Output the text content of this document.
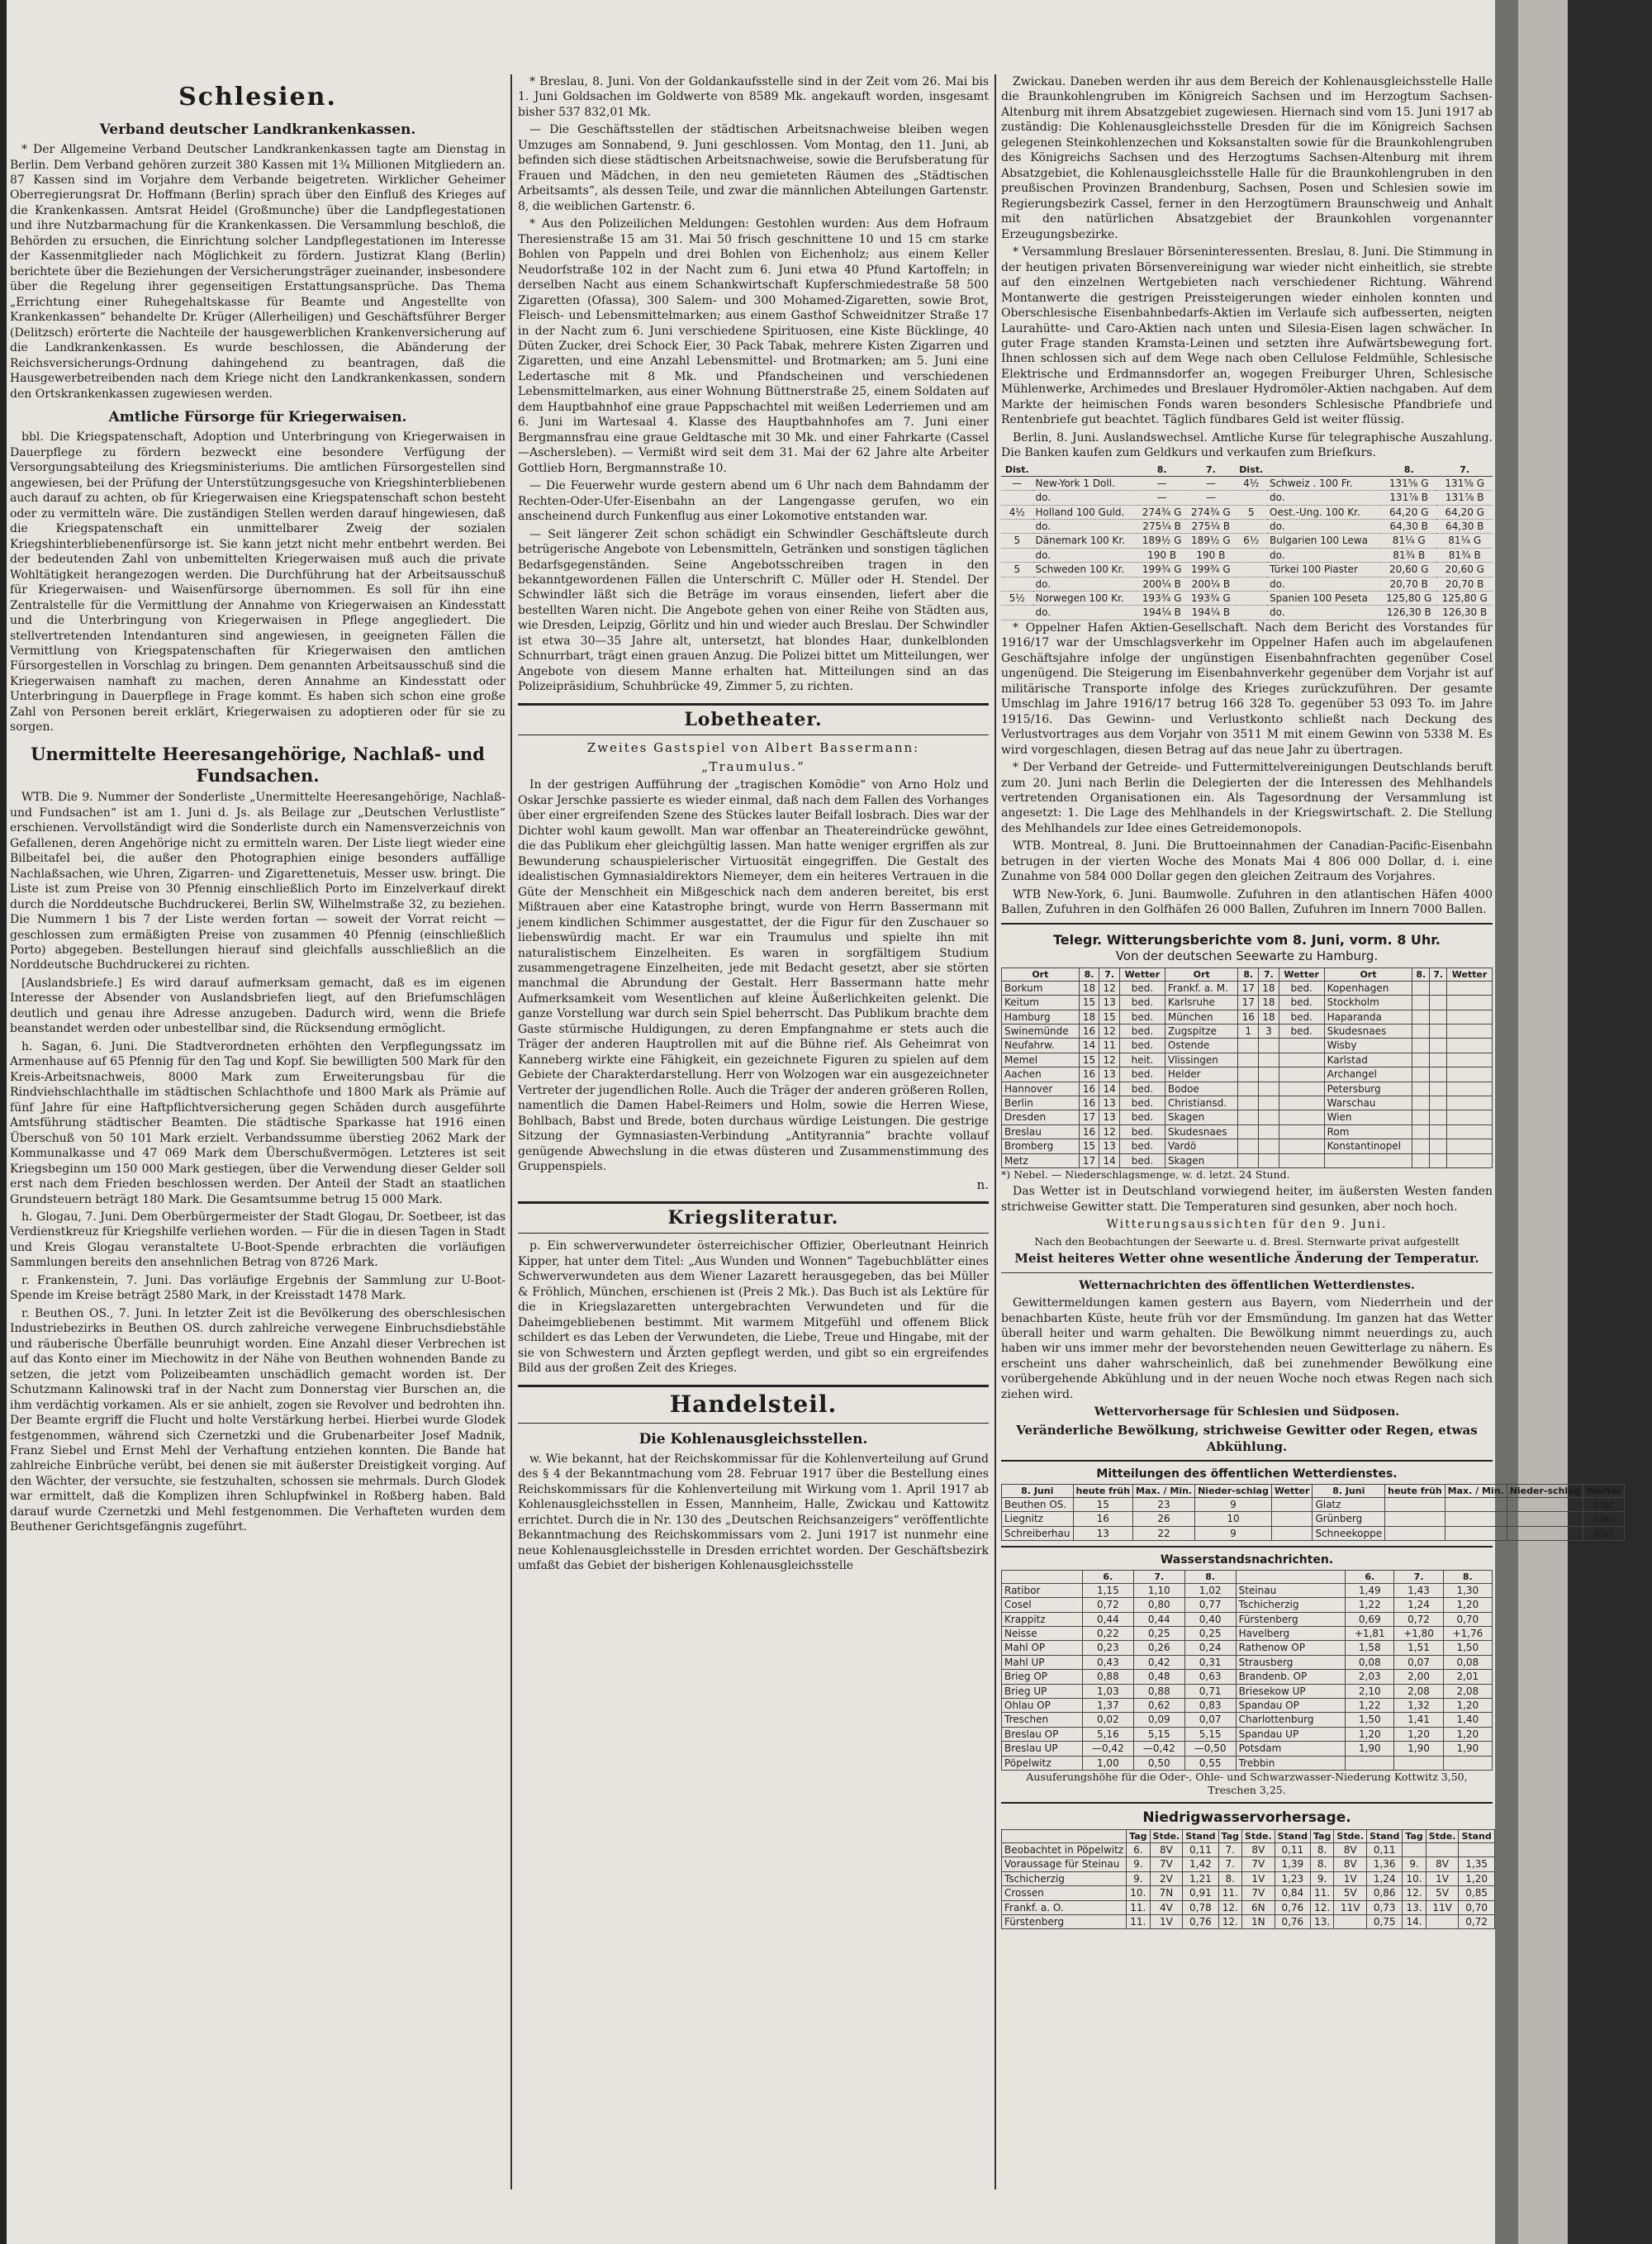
Schlesien.
Verband deutscher Landkrankenkassen.

* Der Allgemeine Verband Deutscher Landkrankenkassen tagte am Dienstag in Berlin. Dem Verband gehören zurzeit 380 Kassen mit 1¾ Millionen Mitgliedern an. 87 Kassen sind im Vorjahre dem Verbande beigetreten. Wirklicher Geheimer Oberregierungsrat Dr. Hoffmann (Berlin) sprach über den Einfluß des Krieges auf die Krankenkassen. Amtsrat Heidel (Großmunche) über die Landpflegestationen und ihre Nutzbarmachung für die Krankenkassen. Die Versammlung beschloß, die Behörden zu ersuchen, die Einrichtung solcher Landpflegestationen im Interesse der Kassenmitglieder nach Möglichkeit zu fördern. Justizrat Klang (Berlin) berichtete über die Beziehungen der Versicherungsträger zueinander, insbesondere über die Regelung ihrer gegenseitigen Erstattungsansprüche. Das Thema „Errichtung einer Ruhegehaltskasse für Beamte und Angestellte von Krankenkassen“ behandelte Dr. Krüger (Allerheiligen) und Geschäftsführer Berger (Delitzsch) erörterte die Nachteile der hausgewerblichen Krankenversicherung auf die Landkrankenkassen. Es wurde beschlossen, die Abänderung der Reichsversicherungs-Ordnung dahingehend zu beantragen, daß die Hausgewerbetreibenden nach dem Kriege nicht den Landkrankenkassen, sondern den Ortskrankenkassen zugewiesen werden.

Amtliche Fürsorge für Kriegerwaisen.

bbl. Die Kriegspatenschaft, Adoption und Unterbringung von Kriegerwaisen in Dauerpflege zu fördern bezweckt eine besondere Verfügung der Versorgungsabteilung des Kriegsministeriums. Die amtlichen Fürsorgestellen sind angewiesen, bei der Prüfung der Unterstützungsgesuche von Kriegshinterbliebenen auch darauf zu achten, ob für Kriegerwaisen eine Kriegspatenschaft schon besteht oder zu vermitteln wäre. Die zuständigen Stellen werden darauf hingewiesen, daß die Kriegspatenschaft ein unmittelbarer Zweig der sozialen Kriegshinterbliebenenfürsorge ist. Sie kann jetzt nicht mehr entbehrt werden. Bei der bedeutenden Zahl von unbemittelten Kriegerwaisen muß auch die private Wohltätigkeit herangezogen werden. Die Durchführung hat der Arbeitsausschuß für Kriegerwaisen- und Waisenfürsorge übernommen. Es soll für ihn eine Zentralstelle für die Vermittlung der Annahme von Kriegerwaisen an Kindesstatt und die Unterbringung von Kriegerwaisen in Pflege angegliedert. Die stellvertretenden Intendanturen sind angewiesen, in geeigneten Fällen die Vermittlung von Kriegspatenschaften für Kriegerwaisen den amtlichen Fürsorgestellen in Vorschlag zu bringen. Dem genannten Arbeitsausschuß sind die Kriegerwaisen namhaft zu machen, deren Annahme an Kindesstatt oder Unterbringung in Dauerpflege in Frage kommt. Es haben sich schon eine große Zahl von Personen bereit erklärt, Kriegerwaisen zu adoptieren oder für sie zu sorgen.

Unermittelte Heeresangehörige, Nachlaß- und Fundsachen.

WTB. Die 9. Nummer der Sonderliste „Unermittelte Heeresangehörige, Nachlaß- und Fundsachen“ ist am 1. Juni d. Js. als Beilage zur „Deutschen Verlustliste“ erschienen. Vervollständigt wird die Sonderliste durch ein Namensverzeichnis von Gefallenen, deren Angehörige nicht zu ermitteln waren. Der Liste liegt wieder eine Bilbeitafel bei, die außer den Photographien einige besonders auffällige Nachlaßsachen, wie Uhren, Zigarren- und Zigarettenetuis, Messer usw. bringt. Die Liste ist zum Preise von 30 Pfennig einschließlich Porto im Einzelverkauf direkt durch die Norddeutsche Buchdruckerei, Berlin SW, Wilhelmstraße 32, zu beziehen. Die Nummern 1 bis 7 der Liste werden fortan — soweit der Vorrat reicht — geschlossen zum ermäßigten Preise von zusammen 40 Pfennig (einschließlich Porto) abgegeben. Bestellungen hierauf sind gleichfalls ausschließlich an die Norddeutsche Buchdruckerei zu richten.

[Auslandsbriefe.] Es wird darauf aufmerksam gemacht, daß es im eigenen Interesse der Absender von Auslandsbriefen liegt, auf den Briefumschlägen deutlich und genau ihre Adresse anzugeben. Dadurch wird, wenn die Briefe beanstandet werden oder unbestellbar sind, die Rücksendung ermöglicht.

h. Sagan, 6. Juni. Die Stadtverordneten erhöhten den Verpflegungssatz im Armenhause auf 65 Pfennig für den Tag und Kopf. Sie bewilligten 500 Mark für den Kreis-Arbeitsnachweis, 8000 Mark zum Erweiterungsbau für die Rindviehschlachthalle im städtischen Schlachthofe und 1800 Mark als Prämie auf fünf Jahre für eine Haftpflichtversicherung gegen Schäden durch ausgeführte Amtsführung städtischer Beamten. Die städtische Sparkasse hat 1916 einen Überschuß von 50 101 Mark erzielt. Verbandssumme überstieg 2062 Mark der Kommunalkasse und 47 069 Mark dem Überschußvermögen. Letzteres ist seit Kriegsbeginn um 150 000 Mark gestiegen, über die Verwendung dieser Gelder soll erst nach dem Frieden beschlossen werden. Der Anteil der Stadt an staatlichen Grundsteuern beträgt 180 Mark. Die Gesamtsumme betrug 15 000 Mark.

h. Glogau, 7. Juni. Dem Oberbürgermeister der Stadt Glogau, Dr. Soetbeer, ist das Verdienstkreuz für Kriegshilfe verliehen worden. — Für die in diesen Tagen in Stadt und Kreis Glogau veranstaltete U-Boot-Spende erbrachten die vorläufigen Sammlungen bereits den ansehnlichen Betrag von 8726 Mark.

r. Frankenstein, 7. Juni. Das vorläufige Ergebnis der Sammlung zur U-Boot-Spende im Kreise beträgt 2580 Mark, in der Kreisstadt 1478 Mark.

r. Beuthen OS., 7. Juni. In letzter Zeit ist die Bevölkerung des oberschlesischen Industriebezirks in Beuthen OS. durch zahlreiche verwegene Einbruchsdiebstähle und räuberische Überfälle beunruhigt worden. Eine Anzahl dieser Verbrechen ist auf das Konto einer im Miechowitz in der Nähe von Beuthen wohnenden Bande zu setzen, die jetzt vom Polizeibeamten unschädlich gemacht worden ist. Der Schutzmann Kalinowski traf in der Nacht zum Donnerstag vier Burschen an, die ihm verdächtig vorkamen. Als er sie anhielt, zogen sie Revolver und bedrohten ihn. Der Beamte ergriff die Flucht und holte Verstärkung herbei. Hierbei wurde Glodek festgenommen, während sich Czernetzki und die Grubenarbeiter Josef Madnik, Franz Siebel und Ernst Mehl der Verhaftung entziehen konnten. Die Bande hat zahlreiche Einbrüche verübt, bei denen sie mit äußerster Dreistigkeit vorging. Auf den Wächter, der versuchte, sie festzuhalten, schossen sie mehrmals. Durch Glodek war ermittelt, daß die Komplizen ihren Schlupfwinkel in Roßberg haben. Bald darauf wurde Czernetzki und Mehl festgenommen. Die Verhafteten wurden dem Beuthener Gerichtsgefängnis zugeführt.

* Breslau, 8. Juni. Von der Goldankaufsstelle sind in der Zeit vom 26. Mai bis 1. Juni Goldsachen im Goldwerte von 8589 Mk. angekauft worden, insgesamt bisher 537 832,01 Mk.

— Die Geschäftsstellen der städtischen Arbeitsnachweise bleiben wegen Umzuges am Sonnabend, 9. Juni geschlossen. Vom Montag, den 11. Juni, ab befinden sich diese städtischen Arbeitsnachweise, sowie die Berufsberatung für Frauen und Mädchen, in den neu gemieteten Räumen des „Städtischen Arbeitsamts“, als dessen Teile, und zwar die männlichen Abteilungen Gartenstr. 8, die weiblichen Gartenstr. 6.

* Aus den Polizeilichen Meldungen: Gestohlen wurden: Aus dem Hofraum Theresienstraße 15 am 31. Mai 50 frisch geschnittene 10 und 15 cm starke Bohlen von Pappeln und drei Bohlen von Eichenholz; aus einem Keller Neudorfstraße 102 in der Nacht zum 6. Juni etwa 40 Pfund Kartoffeln; in derselben Nacht aus einem Schankwirtschaft Kupferschmiedestraße 58 500 Zigaretten (Ofassa), 300 Salem- und 300 Mohamed-Zigaretten, sowie Brot, Fleisch- und Lebensmittelmarken; aus einem Gasthof Schweidnitzer Straße 17 in der Nacht zum 6. Juni verschiedene Spirituosen, eine Kiste Bücklinge, 40 Düten Zucker, drei Schock Eier, 30 Pack Tabak, mehrere Kisten Zigarren und Zigaretten, und eine Anzahl Lebensmittel- und Brotmarken; am 5. Juni eine Ledertasche mit 8 Mk. und Pfandscheinen und verschiedenen Lebensmittelmarken, aus einer Wohnung Büttnerstraße 25, einem Soldaten auf dem Hauptbahnhof eine graue Pappschachtel mit weißen Lederriemen und am 6. Juni im Wartesaal 4. Klasse des Hauptbahnhofes am 7. Juni einer Bergmannsfrau eine graue Geldtasche mit 30 Mk. und einer Fahrkarte (Cassel—Aschersleben). — Vermißt wird seit dem 31. Mai der 62 Jahre alte Arbeiter Gottlieb Horn, Bergmannstraße 10.

— Die Feuerwehr wurde gestern abend um 6 Uhr nach dem Bahndamm der Rechten-Oder-Ufer-Eisenbahn an der Langengasse gerufen, wo ein anscheinend durch Funkenflug aus einer Lokomotive entstanden war.

— Seit längerer Zeit schon schädigt ein Schwindler Geschäftsleute durch betrügerische Angebote von Lebensmitteln, Getränken und sonstigen täglichen Bedarfsgegenständen. Seine Angebotsschreiben tragen in den bekanntgewordenen Fällen die Unterschrift C. Müller oder H. Stendel. Der Schwindler läßt sich die Beträge im voraus einsenden, liefert aber die bestellten Waren nicht. Die Angebote gehen von einer Reihe von Städten aus, wie Dresden, Leipzig, Görlitz und hin und wieder auch Breslau. Der Schwindler ist etwa 30—35 Jahre alt, untersetzt, hat blondes Haar, dunkelblonden Schnurrbart, trägt einen grauen Anzug. Die Polizei bittet um Mitteilungen, wer Angebote von diesem Manne erhalten hat. Mitteilungen sind an das Polizeipräsidium, Schuhbrücke 49, Zimmer 5, zu richten.

Lobetheater.

Zweites Gastspiel von Albert Bassermann:

„Traumulus.“

In der gestrigen Aufführung der „tragischen Komödie“ von Arno Holz und Oskar Jerschke passierte es wieder einmal, daß nach dem Fallen des Vorhanges über einer ergreifenden Szene des Stückes lauter Beifall losbrach. Dies war der Dichter wohl kaum gewollt. Man war offenbar an Theatereindrücke gewöhnt, die das Publikum eher gleichgültig lassen. Man hatte weniger ergriffen als zur Bewunderung schauspielerischer Virtuosität eingegriffen. Die Gestalt des idealistischen Gymnasialdirektors Niemeyer, dem ein heiteres Vertrauen in die Güte der Menschheit ein Mißgeschick nach dem anderen bereitet, bis erst Mißtrauen aber eine Katastrophe bringt, wurde von Herrn Bassermann mit jenem kindlichen Schimmer ausgestattet, der die Figur für den Zuschauer so liebenswürdig macht. Er war ein Traumulus und spielte ihn mit naturalistischem Einzelheiten. Es waren in sorgfältigem Studium zusammengetragene Einzelheiten, jede mit Bedacht gesetzt, aber sie störten manchmal die Abrundung der Gestalt. Herr Bassermann hatte mehr Aufmerksamkeit vom Wesentlichen auf kleine Äußerlichkeiten gelenkt. Die ganze Vorstellung war durch sein Spiel beherrscht. Das Publikum brachte dem Gaste stürmische Huldigungen, zu deren Empfangnahme er stets auch die Träger der anderen Hauptrollen mit auf die Bühne rief. Als Geheimrat von Kanneberg wirkte eine Fähigkeit, ein gezeichnete Figuren zu spielen auf dem Gebiete der Charakterdarstellung. Herr von Wolzogen war ein ausgezeichneter Vertreter der jugendlichen Rolle. Auch die Träger der anderen größeren Rollen, namentlich die Damen Habel-Reimers und Holm, sowie die Herren Wiese, Bohlbach, Babst und Brede, boten durchaus würdige Leistungen. Die gestrige Sitzung der Gymnasiasten-Verbindung „Antityrannia“ brachte vollauf genügende Abwechslung in die etwas düsteren und Zusammenstimmung des Gruppenspiels.

n.

Kriegsliteratur.

p. Ein schwerverwundeter österreichischer Offizier, Oberleutnant Heinrich Kipper, hat unter dem Titel: „Aus Wunden und Wonnen“ Tagebuchblätter eines Schwerverwundeten aus dem Wiener Lazarett herausgegeben, das bei Müller & Fröhlich, München, erschienen ist (Preis 2 Mk.). Das Buch ist als Lektüre für die in Kriegslazaretten untergebrachten Verwundeten und für die Daheimgebliebenen bestimmt. Mit warmem Mitgefühl und offenem Blick schildert es das Leben der Verwundeten, die Liebe, Treue und Hingabe, mit der sie von Schwestern und Ärzten gepflegt werden, und gibt so ein ergreifendes Bild aus der großen Zeit des Krieges.

Handelsteil.
Die Kohlenausgleichsstellen.

w. Wie bekannt, hat der Reichskommissar für die Kohlenverteilung auf Grund des § 4 der Bekanntmachung vom 28. Februar 1917 über die Bestellung eines Reichskommissars für die Kohlenverteilung mit Wirkung vom 1. April 1917 ab Kohlenausgleichsstellen in Essen, Mannheim, Halle, Zwickau und Kattowitz errichtet. Durch die in Nr. 130 des „Deutschen Reichsanzeigers“ veröffentlichte Bekanntmachung des Reichskommissars vom 2. Juni 1917 ist nunmehr eine neue Kohlenausgleichsstelle in Dresden errichtet worden. Der Geschäftsbezirk umfaßt das Gebiet der bisherigen Kohlenausgleichsstelle

Zwickau. Daneben werden ihr aus dem Bereich der Kohlenausgleichsstelle Halle die Braunkohlengruben im Königreich Sachsen und im Herzogtum Sachsen-Altenburg mit ihrem Absatzgebiet zugewiesen. Hiernach sind vom 15. Juni 1917 ab zuständig: Die Kohlenausgleichsstelle Dresden für die im Königreich Sachsen gelegenen Steinkohlenzechen und Koksanstalten sowie für die Braunkohlengruben des Königreichs Sachsen und des Herzogtums Sachsen-Altenburg mit ihrem Absatzgebiet, die Kohlenausgleichsstelle Halle für die Braunkohlengruben in den preußischen Provinzen Brandenburg, Sachsen, Posen und Schlesien sowie im Regierungsbezirk Cassel, ferner in den Herzogtümern Braunschweig und Anhalt mit den natürlichen Absatzgebiet der Braunkohlen vorgenannter Erzeugungsbezirke.

* Versammlung Breslauer Börseninteressenten. Breslau, 8. Juni. Die Stimmung in der heutigen privaten Börsenvereinigung war wieder nicht einheitlich, sie strebte auf den einzelnen Wertgebieten nach verschiedener Richtung. Während Montanwerte die gestrigen Preissteigerungen wieder einholen konnten und Oberschlesische Eisenbahnbedarfs-Aktien im Verlaufe sich aufbesserten, neigten Laurahütte- und Caro-Aktien nach unten und Silesia-Eisen lagen schwächer. In guter Frage standen Kramsta-Leinen und setzten ihre Aufwärtsbewegung fort. Ihnen schlossen sich auf dem Wege nach oben Cellulose Feldmühle, Schlesische Elektrische und Erdmannsdorfer an, wogegen Freiburger Uhren, Schlesische Mühlenwerke, Archimedes und Breslauer Hydromöler-Aktien nachgaben. Auf dem Markte der heimischen Fonds waren besonders Schlesische Pfandbriefe und Rentenbriefe gut beachtet. Täglich fündbares Geld ist weiter flüssig.

Berlin, 8. Juni. Auslandswechsel. Amtliche Kurse für telegraphische Auszahlung. Die Banken kaufen zum Geldkurs und verkaufen zum Briefkurs.

Dist.		8.	7.	Dist.		8.	7.
—	New-York 1 Doll.	—	—	4½	Schweiz . 100 Fr.	131⅝ G	131⅝ G
	do.	—	—		do.	131⅞ B	131⅞ B
4½	Holland 100 Guld.	274¾ G	274¾ G	5	Oest.-Ung. 100 Kr.	64,20 G	64,20 G
	do.	275¼ B	275¼ B		do.	64,30 B	64,30 B
5	Dänemark 100 Kr.	189½ G	189½ G	6½	Bulgarien 100 Lewa	81¼ G	81¼ G
	do.	190 B	190 B		do.	81¾ B	81¾ B
5	Schweden 100 Kr.	199¾ G	199¾ G		Türkei 100 Piaster	20,60 G	20,60 G
	do.	200¼ B	200¼ B		do.	20,70 B	20,70 B
5½	Norwegen 100 Kr.	193¾ G	193¾ G		Spanien 100 Peseta	125,80 G	125,80 G
	do.	194¼ B	194¼ B		do.	126,30 B	126,30 B

* Oppelner Hafen Aktien-Gesellschaft. Nach dem Bericht des Vorstandes für 1916/17 war der Umschlagsverkehr im Oppelner Hafen auch im abgelaufenen Geschäftsjahre infolge der ungünstigen Eisenbahnfrachten gegenüber Cosel ungenügend. Die Steigerung im Eisenbahnverkehr gegenüber dem Vorjahr ist auf militärische Transporte infolge des Krieges zurückzuführen. Der gesamte Umschlag im Jahre 1916/17 betrug 166 328 To. gegenüber 53 093 To. im Jahre 1915/16. Das Gewinn- und Verlustkonto schließt nach Deckung des Verlustvortrages aus dem Vorjahr von 3511 M mit einem Gewinn von 5338 M. Es wird vorgeschlagen, diesen Betrag auf das neue Jahr zu übertragen.

* Der Verband der Getreide- und Futtermittelvereinigungen Deutschlands beruft zum 20. Juni nach Berlin die Delegierten der die Interessen des Mehlhandels vertretenden Organisationen ein. Als Tagesordnung der Versammlung ist angesetzt: 1. Die Lage des Mehlhandels in der Kriegswirtschaft. 2. Die Stellung des Mehlhandels zur Idee eines Getreidemonopols.

WTB. Montreal, 8. Juni. Die Bruttoeinnahmen der Canadian-Pacific-Eisenbahn betrugen in der vierten Woche des Monats Mai 4 806 000 Dollar, d. i. eine Zunahme von 584 000 Dollar gegen den gleichen Zeitraum des Vorjahres.

WTB New-York, 6. Juni. Baumwolle. Zufuhren in den atlantischen Häfen 4000 Ballen, Zufuhren in den Golfhäfen 26 000 Ballen, Zufuhren im Innern 7000 Ballen.

Telegr. Witterungsberichte vom 8. Juni, vorm. 8 Uhr.

Von der deutschen Seewarte zu Hamburg.

Ort	8.	7.	Wetter	Ort	8.	7.	Wetter	Ort	8.	7.	Wetter
Borkum	18	12	bed.	Frankf. a. M.	17	18	bed.	Kopenhagen			
Keitum	15	13	bed.	Karlsruhe	17	18	bed.	Stockholm			
Hamburg	18	15	bed.	München	16	18	bed.	Haparanda			
Swinemünde	16	12	bed.	Zugspitze	1	3	bed.	Skudesnaes			
Neufahrw.	14	11	bed.	Ostende				Wisby			
Memel	15	12	heit.	Vlissingen				Karlstad			
Aachen	16	13	bed.	Helder				Archangel			
Hannover	16	14	bed.	Bodoe				Petersburg			
Berlin	16	13	bed.	Christiansd.				Warschau			
Dresden	17	13	bed.	Skagen				Wien			
Breslau	16	12	bed.	Skudesnaes				Rom			
Bromberg	15	13	bed.	Vardö				Konstantinopel			
Metz	17	14	bed.	Skagen							

*) Nebel. — Niederschlagsmenge, w. d. letzt. 24 Stund.

Das Wetter ist in Deutschland vorwiegend heiter, im äußersten Westen fanden strichweise Gewitter statt. Die Temperaturen sind gesunken, aber noch hoch.

Witterungsaussichten für den 9. Juni.

Nach den Beobachtungen der Seewarte u. d. Bresl. Sternwarte privat aufgestellt

Meist heiteres Wetter ohne wesentliche Änderung der Temperatur.

Wetternachrichten des öffentlichen Wetterdienstes.

Gewittermeldungen kamen gestern aus Bayern, vom Niederrhein und der benachbarten Küste, heute früh vor der Emsmündung. Im ganzen hat das Wetter überall heiter und warm gehalten. Die Bewölkung nimmt neuerdings zu, auch haben wir uns immer mehr der bevorstehenden neuen Gewitterlage zu nähern. Es erscheint uns daher wahrscheinlich, daß bei zunehmender Bewölkung eine vorübergehende Abkühlung und in der neuen Woche noch etwas Regen nach sich ziehen wird.

Wettervorhersage für Schlesien und Südposen.

Veränderliche Bewölkung, strichweise Gewitter oder Regen, etwas Abkühlung.

Mitteilungen des öffentlichen Wetterdienstes.
8. Juni	heute früh	Max. / Min.	Nieder-schlag	Wetter	8. Juni	heute früh	Max. / Min.	Nieder-schlag	Wetter
Beuthen OS.	15	23	9		Glatz				klar
Liegnitz	16	26	10		Grünberg				klar
Schreiberhau	13	22	9		Schneekoppe				klar
Wasserstandsnachrichten.
	6.	7.	8.		6.	7.	8.
Ratibor	1,15	1,10	1,02	Steinau	1,49	1,43	1,30
Cosel	0,72	0,80	0,77	Tschicherzig	1,22	1,24	1,20
Krappitz	0,44	0,44	0,40	Fürstenberg	0,69	0,72	0,70
Neisse	0,22	0,25	0,25	Havelberg	+1,81	+1,80	+1,76
Mahl OP	0,23	0,26	0,24	Rathenow OP	1,58	1,51	1,50
Mahl UP	0,43	0,42	0,31	Strausberg	0,08	0,07	0,08
Brieg OP	0,88	0,48	0,63	Brandenb. OP	2,03	2,00	2,01
Brieg UP	1,03	0,88	0,71	Briesekow UP	2,10	2,08	2,08
Ohlau OP	1,37	0,62	0,83	Spandau OP	1,22	1,32	1,20
Treschen	0,02	0,09	0,07	Charlottenburg	1,50	1,41	1,40
Breslau OP	5,16	5,15	5,15	Spandau UP	1,20	1,20	1,20
Breslau UP	—0,42	—0,42	—0,50	Potsdam	1,90	1,90	1,90
Pöpelwitz	1,00	0,50	0,55	Trebbin			

Ausuferungshöhe für die Oder-, Ohle- und Schwarzwasser-Niederung Kottwitz 3,50, Treschen 3,25.

Niedrigwasservorhersage.
	Tag	Stde.	Stand	Tag	Stde.	Stand	Tag	Stde.	Stand	Tag	Stde.	Stand
Beobachtet in Pöpelwitz	6.	8V	0,11	7.	8V	0,11	8.	8V	0,11			
Voraussage für Steinau	9.	7V	1,42	7.	7V	1,39	8.	8V	1,36	9.	8V	1,35
Tschicherzig	9.	2V	1,21	8.	1V	1,23	9.	1V	1,24	10.	1V	1,20
Crossen	10.	7N	0,91	11.	7V	0,84	11.	5V	0,86	12.	5V	0,85
Frankf. a. O.	11.	4V	0,78	12.	6N	0,76	12.	11V	0,73	13.	11V	0,70
Fürstenberg	11.	1V	0,76	12.	1N	0,76	13.		0,75	14.		0,72
